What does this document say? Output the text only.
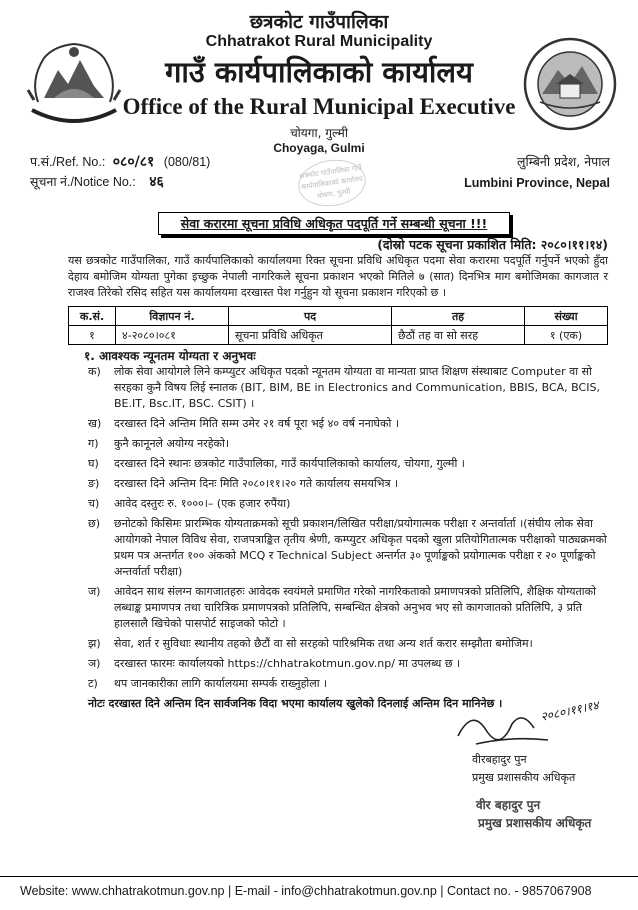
छत्रकोट गाउँपालिका
Chhatrakot Rural Municipality
गाउँ कार्यपालिकाको कार्यालय
Office of the Rural Municipal Executive
चोयगा, गुल्मी
Choyaga, Gulmi
छत्रकोट गाउँपालिका गाउँ कार्यपालिकाको कार्यालय चोयगा, गुल्मी
प.सं./Ref. No.: ०८०/८१ (080/81)
सूचना नं./Notice No.: ४६
लुम्बिनी प्रदेश, नेपाल
Lumbini Province, Nepal
सेवा करारमा सूचना प्रविधि अधिकृत पदपूर्ति गर्ने सम्बन्धी सूचना !!!
(दोस्रो पटक सूचना प्रकाशित मिति: २०८०।११।१४)
यस छत्रकोट गाउँपालिका, गाउँ कार्यपालिकाको कार्यालयमा रिक्त सूचना प्रविधि अधिकृत पदमा सेवा करारमा पदपूर्ति गर्नुपर्ने भएको हुँदा देहाय बमोजिम योग्यता पुगेका इच्छुक नेपाली नागरिकले सूचना प्रकाशन भएको मितिले ७ (सात) दिनभित्र माग बमोजिमका कागजात र राजश्व तिरेको रसिद सहित यस कार्यालयमा दरखास्त पेश गर्नुहुन यो सूचना प्रकाशन गरिएको छ ।
क.सं.	विज्ञापन नं.	पद	तह	संख्या
१	४-२०८०।०८१	सूचना प्रविधि अधिकृत	छैठौं तह वा सो सरह	१ (एक)
१. आवश्यक न्यूनतम योग्यता र अनुभवः
क)	लोक सेवा आयोगले लिने कम्प्युटर अधिकृत पदको न्यूनतम योग्यता वा मान्यता प्राप्त शिक्षण संस्थाबाट Computer वा सो सरहका कुनै विषय लिई स्नातक (BIT, BIM, BE in Electronics and Communication, BBIS, BCA, BCIS, BE.IT, Bsc.IT, BSC. CSIT) ।
ख)	दरखास्त दिने अन्तिम मिति सम्म उमेर २१ वर्ष पूरा भई ४० वर्ष ननाघेको ।
ग)	कुनै कानूनले अयोग्य नरहेको।
घ)	दरखास्त दिने स्थानः छत्रकोट गाउँपालिका, गाउँ कार्यपालिकाको कार्यालय, चोयगा, गुल्मी ।
ङ)	दरखास्त दिने अन्तिम दिनः मिति २०८०।११।२० गते कार्यालय समयभित्र ।
च)	आवेद दस्तुरः रु. १०००।– (एक हजार रुपैंया)
छ)	छनोटको किसिमः प्रारम्भिक योग्यताक्रमको सूची प्रकाशन/लिखित परीक्षा/प्रयोगात्मक परीक्षा र अन्तर्वार्ता ।(संघीय लोक सेवा आयोगको नेपाल विविध सेवा, राजपत्राङ्कित तृतीय श्रेणी, कम्प्युटर अधिकृत पदको खुला प्रतियोगितात्मक परीक्षाको पाठ्यक्रमको प्रथम पत्र अन्तर्गत १०० अंकको MCQ र Technical Subject अन्तर्गत ३० पूर्णाङ्कको प्रयोगात्मक परीक्षा र २० पूर्णाङ्कको अन्तर्वार्ता परीक्षा)
ज)	आवेदन साथ संलग्न कागजातहरुः आवेदक स्वयंमले प्रमाणित गरेको नागरिकताको प्रमाणपत्रको प्रतिलिपि, शैक्षिक योग्यताको लब्धाङ्क प्रमाणपत्र तथा चारित्रिक प्रमाणपत्रको प्रतिलिपि, सम्बन्धित क्षेत्रको अनुभव भए सो कागजातको प्रतिलिपि, ३ प्रति हालसालै खिचेको पासपोर्ट साइजको फोटो ।
झ)	सेवा, शर्त र सुविधाः स्थानीय तहको छैटौं वा सो सरहको पारिश्रमिक तथा अन्य शर्त करार सम्झौता बमोजिम।
ञ)	दरखास्त फारमः कार्यालयको https://chhatrakotmun.gov.np/ मा उपलब्ध छ ।
ट)	थप जानकारीका लागि कार्यालयमा सम्पर्क राख्नुहोला ।
नोटः दरखास्त दिने अन्तिम दिन सार्वजनिक विदा भएमा कार्यालय खुलेको दिनलाई अन्तिम दिन मानिनेछ ।	२०८०।११।१४
वीरबहादुर पुन
प्रमुख प्रशासकीय अधिकृत
वीर बहादुर पुन
प्रमुख प्रशासकीय अधिकृत
Website: www.chhatrakotmun.gov.np | E-mail - info@chhatrakotmun.gov.np | Contact no. - 9857067908
